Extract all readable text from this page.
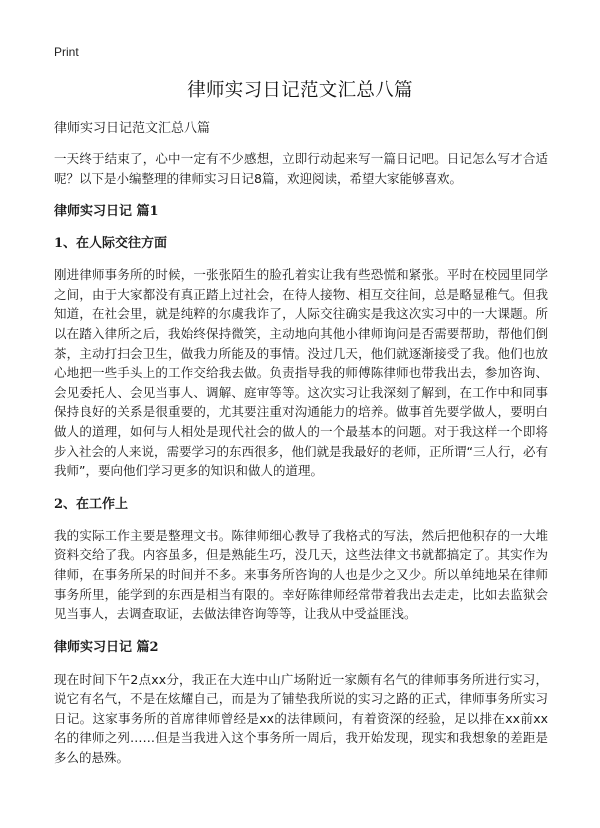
Print
律师实习日记范文汇总八篇

律师实习日记范文汇总八篇

一天终于结束了，心中一定有不少感想，立即行动起来写一篇日记吧。日记怎么写才合适呢？以下是小编整理的律师实习日记8篇，欢迎阅读，希望大家能够喜欢。

律师实习日记 篇1
1、在人际交往方面

刚进律师事务所的时候，一张张陌生的脸孔着实让我有些恐慌和紧张。平时在校园里同学之间，由于大家都没有真正踏上过社会，在待人接物、相互交往间，总是略显稚气。但我知道，在社会里，就是纯粹的尔虞我诈了，人际交往确实是我这次实习中的一大课题。所以在踏入律所之后，我始终保持微笑，主动地向其他小律师询问是否需要帮助，帮他们倒茶，主动打扫会卫生，做我力所能及的事情。没过几天，他们就逐渐接受了我。他们也放心地把一些手头上的工作交给我去做。负责指导我的师傅陈律师也带我出去，参加咨询、会见委托人、会见当事人、调解、庭审等等。这次实习让我深刻了解到，在工作中和同事保持良好的关系是很重要的，尤其要注重对沟通能力的培养。做事首先要学做人，要明白做人的道理，如何与人相处是现代社会的做人的一个最基本的问题。对于我这样一个即将步入社会的人来说，需要学习的东西很多，他们就是我最好的老师，正所谓“三人行，必有我师”，要向他们学习更多的知识和做人的道理。

2、在工作上

我的实际工作主要是整理文书。陈律师细心教导了我格式的写法，然后把他积存的一大堆资料交给了我。内容虽多，但是熟能生巧，没几天，这些法律文书就都搞定了。其实作为律师，在事务所呆的时间并不多。来事务所咨询的人也是少之又少。所以单纯地呆在律师事务所里，能学到的东西是相当有限的。幸好陈律师经常带着我出去走走，比如去监狱会见当事人，去调查取证，去做法律咨询等等，让我从中受益匪浅。

律师实习日记 篇2

现在时间下午2点xx分，我正在大连中山广场附近一家颇有名气的律师事务所进行实习，说它有名气，不是在炫耀自己，而是为了铺垫我所说的实习之路的正式，律师事务所实习日记。这家事务所的首席律师曾经是xx的法律顾问，有着资深的经验，足以排在xx前xx名的律师之列……但是当我进入这个事务所一周后，我开始发现，现实和我想象的差距是多么的悬殊。
